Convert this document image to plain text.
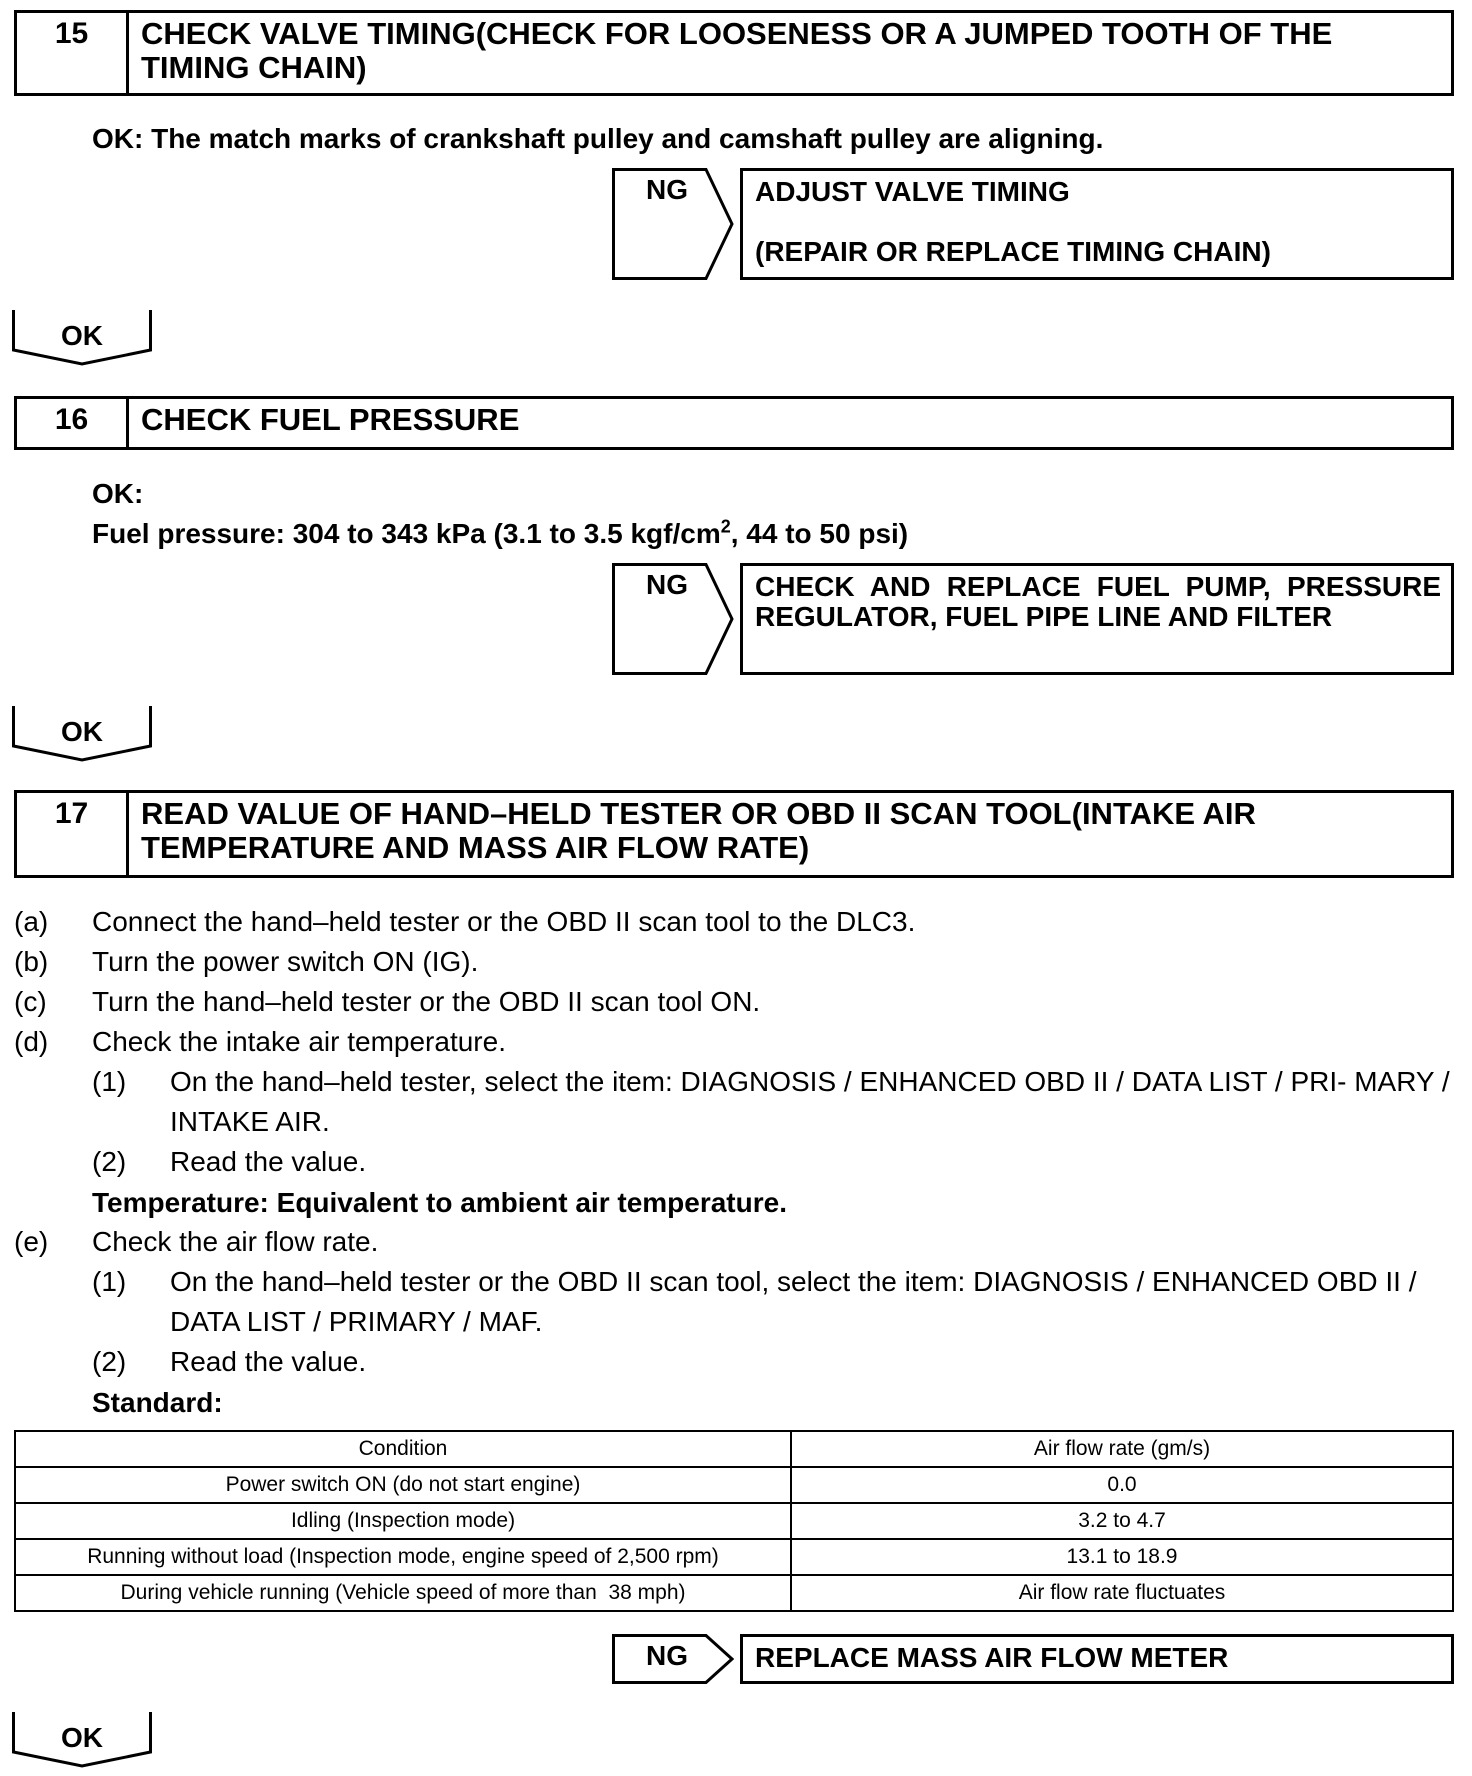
15	CHECK VALVE TIMING(CHECK FOR LOOSENESS OR A JUMPED TOOTH OF THE TIMING CHAIN)
OK: The match marks of crankshaft pulley and camshaft pulley are aligning.
NG ADJUST VALVE TIMING
(REPAIR OR REPLACE TIMING CHAIN)
OK
16	CHECK FUEL PRESSURE
OK:
Fuel pressure: 304 to 343 kPa (3.1 to 3.5 kgf/$cm^2$, 44 to 50 psi)
NG	CHECK AND REPLACE FUEL PUMP, PRESSURE REGULATOR, FUEL PIPE LINE AND FILTER
OK
17	READ VALUE OF HAND–HELD TESTER OR OBD II SCAN TOOL(INTAKE AIR TEMPERATURE AND MASS AIR FLOW RATE)
(a) Connect the hand–held tester or the OBD II scan tool to the DLC3.
(b) Turn the power switch ON (IG).
(c) Turn the hand–held tester or the OBD II scan tool ON.
(d) Check the intake air temperature.
(1) On the hand–held tester, select the item: DIAGNOSIS / ENHANCED OBD II / DATA LIST / PRI- MARY / INTAKE AIR.
(2) Read the value.
Temperature: Equivalent to ambient air temperature.
(e) Check the air flow rate.
(1) On the hand–held tester or the OBD II scan tool, select the item: DIAGNOSIS / ENHANCED OBD II / DATA LIST / PRIMARY / MAF.
(2) Read the value.
Standard:
Condition	Air flow rate (gm/s)
Power switch ON (do not start engine)	0.0
Idling (Inspection mode)	3.2 to 4.7
Running without load (Inspection mode, engine speed of 2,500 rpm)	13.1 to 18.9
During vehicle running (Vehicle speed of more than  38 mph)	Air flow rate fluctuates
NG	REPLACE MASS AIR FLOW METER
OK
